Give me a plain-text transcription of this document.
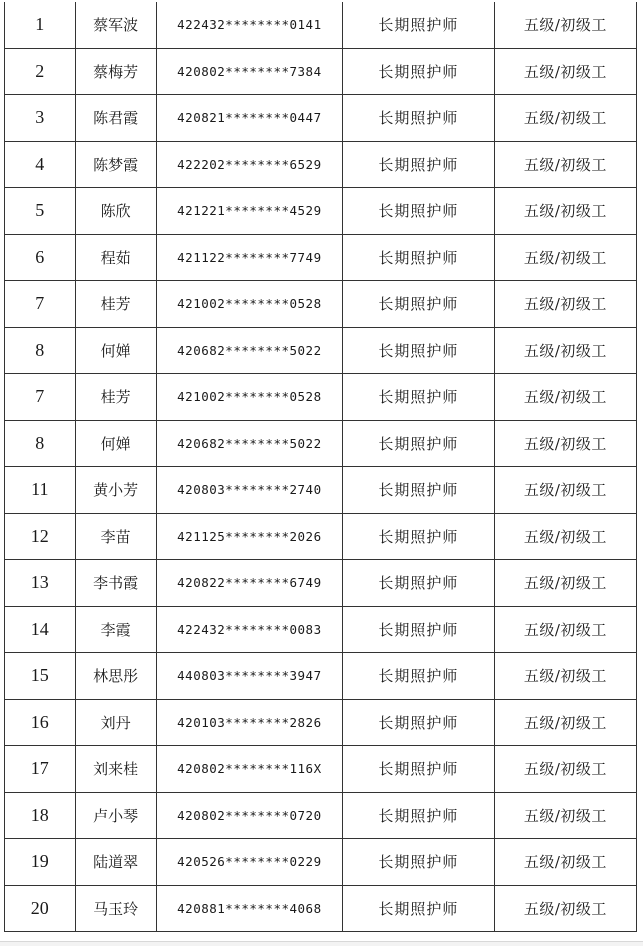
1	蔡军波	422432********0141	长期照护师	五级/初级工
2	蔡梅芳	420802********7384	长期照护师	五级/初级工
3	陈君霞	420821********0447	长期照护师	五级/初级工
4	陈梦霞	422202********6529	长期照护师	五级/初级工
5	陈欣	421221********4529	长期照护师	五级/初级工
6	程茹	421122********7749	长期照护师	五级/初级工
7	桂芳	421002********0528	长期照护师	五级/初级工
8	何婵	420682********5022	长期照护师	五级/初级工
7	桂芳	421002********0528	长期照护师	五级/初级工
8	何婵	420682********5022	长期照护师	五级/初级工
11	黄小芳	420803********2740	长期照护师	五级/初级工
12	李苗	421125********2026	长期照护师	五级/初级工
13	李书霞	420822********6749	长期照护师	五级/初级工
14	李霞	422432********0083	长期照护师	五级/初级工
15	林思彤	440803********3947	长期照护师	五级/初级工
16	刘丹	420103********2826	长期照护师	五级/初级工
17	刘来桂	420802********116X	长期照护师	五级/初级工
18	卢小琴	420802********0720	长期照护师	五级/初级工
19	陆道翠	420526********0229	长期照护师	五级/初级工
20	马玉玲	420881********4068	长期照护师	五级/初级工
